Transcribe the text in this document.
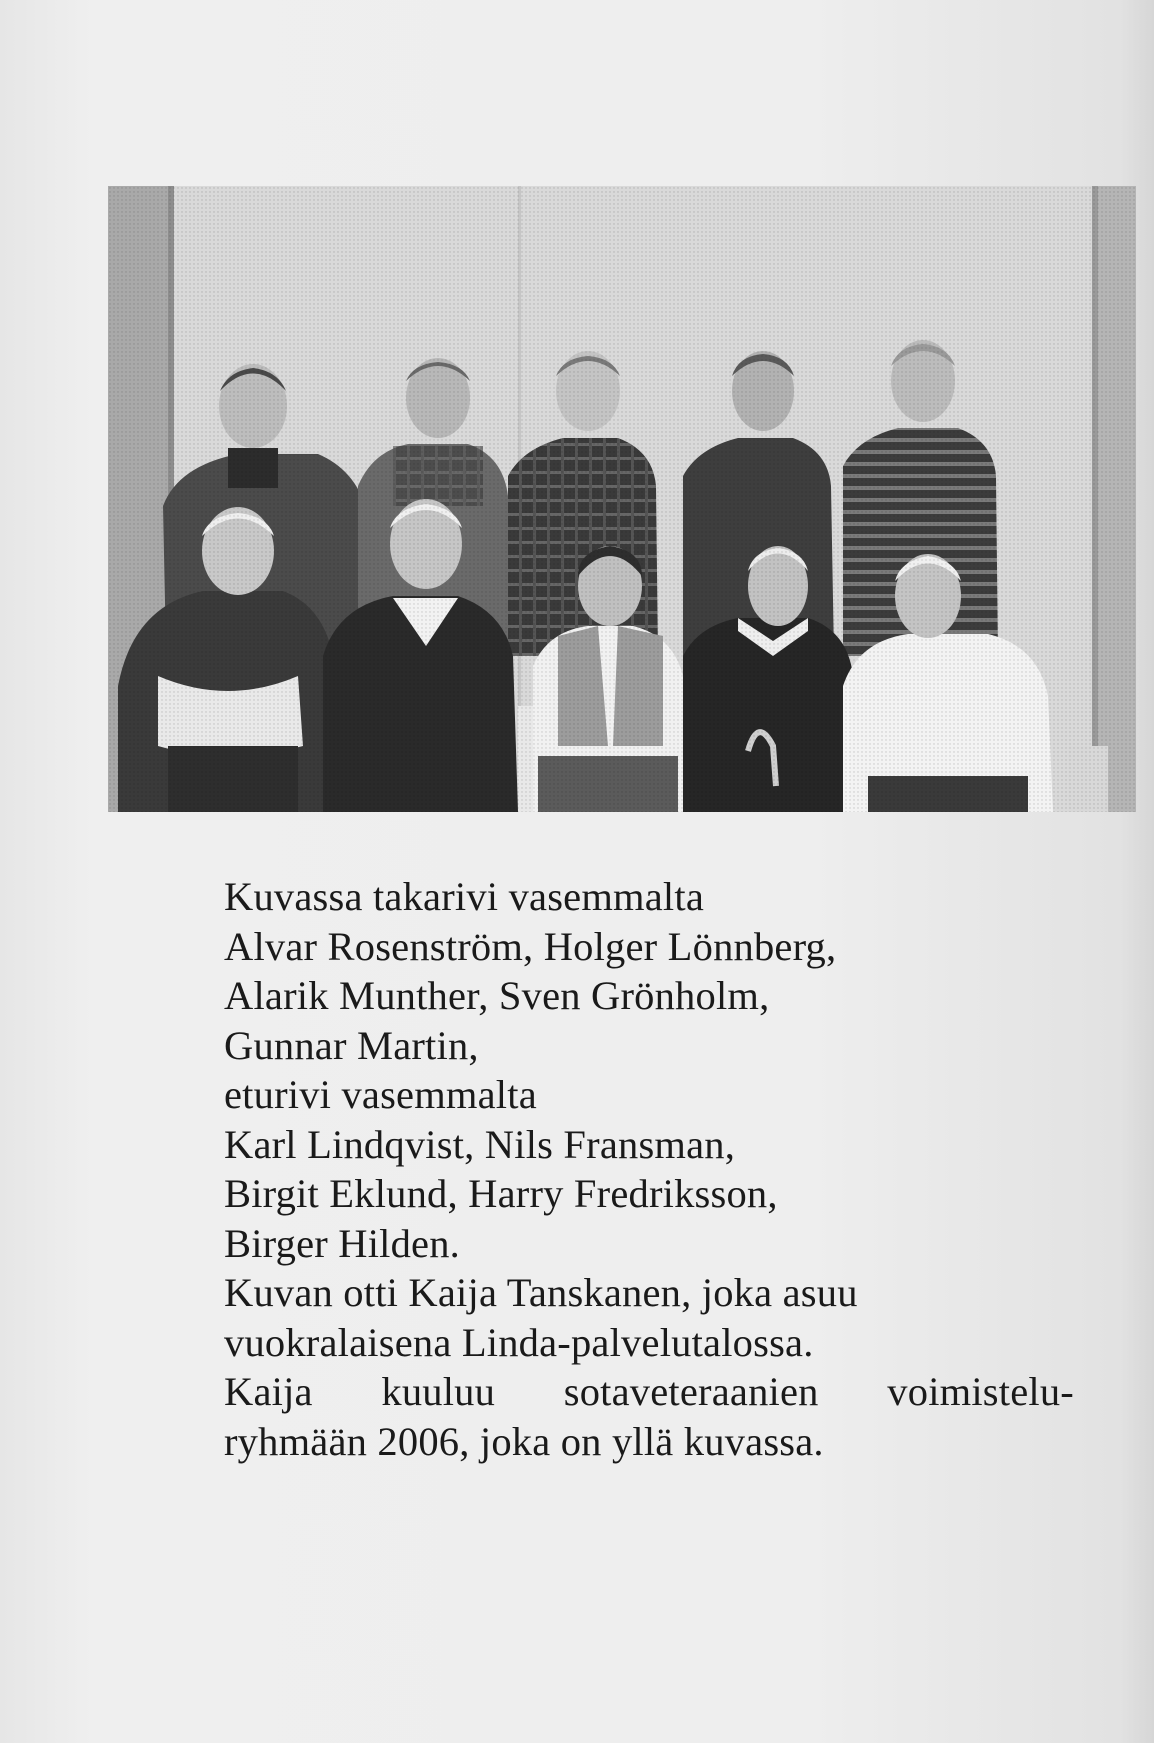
Kuvassa takarivi vasemmalta
Alvar Rosenström, Holger Lönnberg,
Alarik Munther, Sven Grönholm,
Gunnar Martin,
eturivi vasemmalta
Karl Lindqvist, Nils Fransman,
Birgit Eklund, Harry Fredriksson,
Birger Hilden.
Kuvan otti Kaija Tanskanen, joka asuu
vuokralaisena Linda-palvelutalossa.
Kaija kuuluu sotaveteraanien voimistelu-
ryhmään 2006, joka on yllä kuvassa.
